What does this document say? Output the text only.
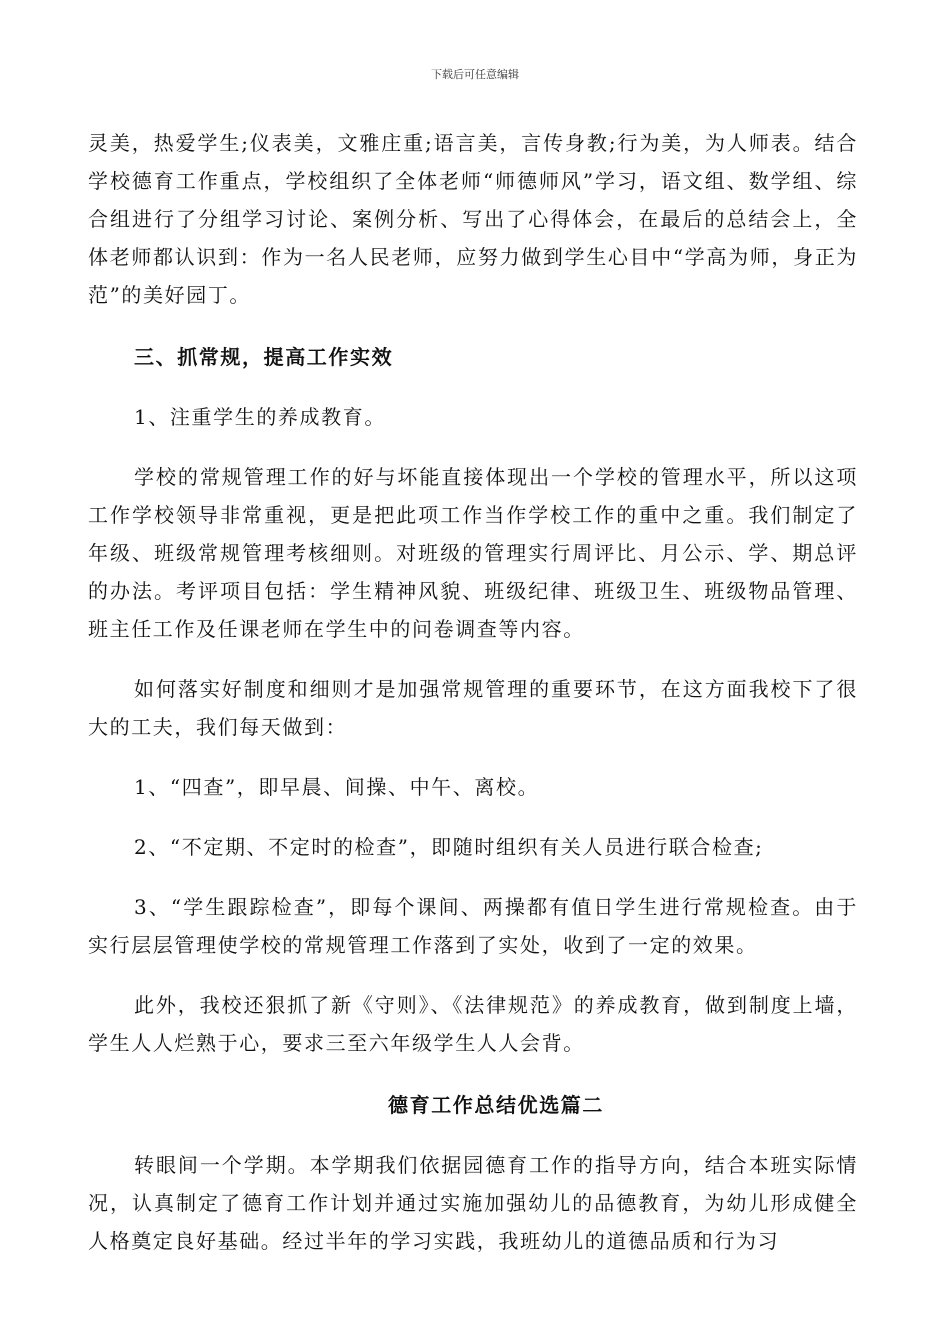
下载后可任意编辑

灵美，热爱学生;仪表美，文雅庄重;语言美，言传身教;行为美，为人师表。结合学校德育工作重点，学校组织了全体老师“师德师风”学习，语文组、数学组、综合组进行了分组学习讨论、案例分析、写出了心得体会，在最后的总结会上，全体老师都认识到：作为一名人民老师，应努力做到学生心目中“学高为师，身正为范”的美好园丁。

三、抓常规，提高工作实效

1、注重学生的养成教育。

学校的常规管理工作的好与坏能直接体现出一个学校的管理水平，所以这项工作学校领导非常重视，更是把此项工作当作学校工作的重中之重。我们制定了年级、班级常规管理考核细则。对班级的管理实行周评比、月公示、学、期总评的办法。考评项目包括：学生精神风貌、班级纪律、班级卫生、班级物品管理、班主任工作及任课老师在学生中的问卷调查等内容。

如何落实好制度和细则才是加强常规管理的重要环节，在这方面我校下了很大的工夫，我们每天做到：

1、“四查”，即早晨、间操、中午、离校。

2、“不定期、不定时的检查”，即随时组织有关人员进行联合检查;

3、“学生跟踪检查”，即每个课间、两操都有值日学生进行常规检查。由于实行层层管理使学校的常规管理工作落到了实处，收到了一定的效果。

此外，我校还狠抓了新《守则》、《法律规范》的养成教育，做到制度上墙，学生人人烂熟于心，要求三至六年级学生人人会背。

德育工作总结优选篇二

转眼间一个学期。本学期我们依据园德育工作的指导方向，结合本班实际情况，认真制定了德育工作计划并通过实施加强幼儿的品德教育，为幼儿形成健全人格奠定良好基础。经过半年的学习实践，我班幼儿的道德品质和行为习
